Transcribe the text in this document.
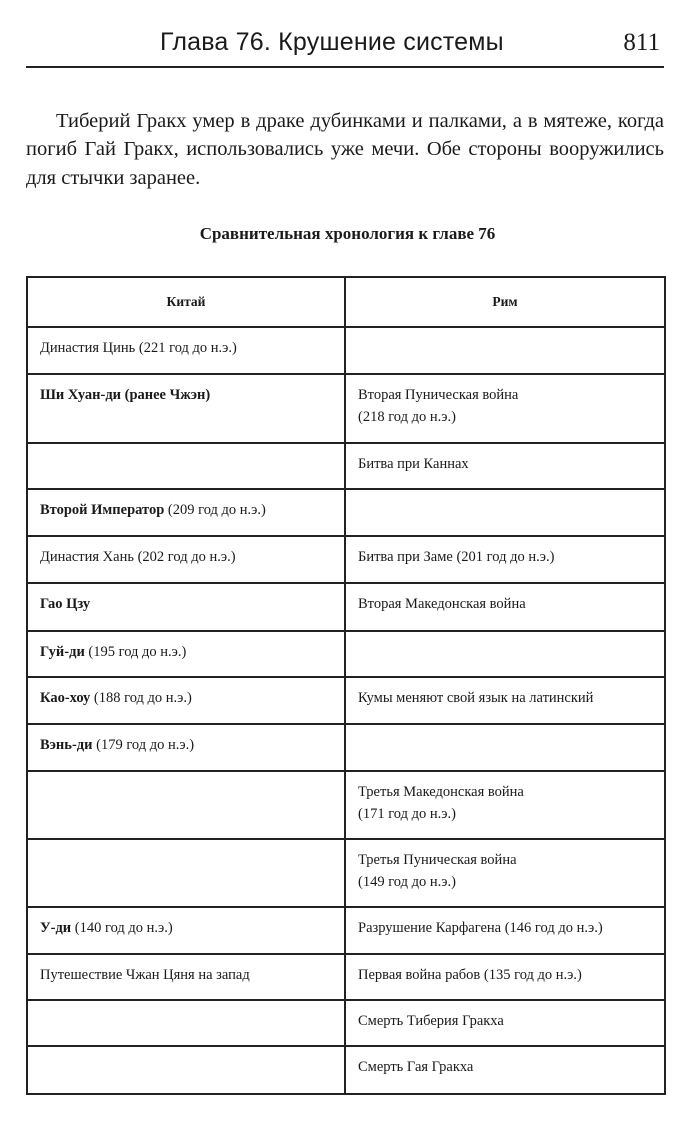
Глава 76. Крушение системы	811

Тиберий Гракх умер в драке дубинками и палками, а в мятеже, когда погиб Гай Гракх, использовались уже мечи. Обе стороны вооружились для стычки заранее.

Сравнительная хронология к главе 76
Китай	Рим

Династия Цинь (221 год до н.э.)	

Ши Хуан-ди (ранее Чжэн)	Вторая Пуническая война
(218 год до н.э.)

	Битва при Каннах

Второй Император (209 год до н.э.)	

Династия Хань (202 год до н.э.)	Битва при Заме (201 год до н.э.)

Гао Цзу	Вторая Македонская война

Гуй-ди (195 год до н.э.)	

Као-хоу (188 год до н.э.)	Кумы меняют свой язык на латинский

Вэнь-ди (179 год до н.э.)	

	Третья Македонская война
(171 год до н.э.)

	Третья Пуническая война
(149 год до н.э.)

У-ди (140 год до н.э.)	Разрушение Карфагена (146 год до н.э.)

Путешествие Чжан Цяня на запад	Первая война рабов (135 год до н.э.)

	Смерть Тиберия Гракха

	Смерть Гая Гракха
